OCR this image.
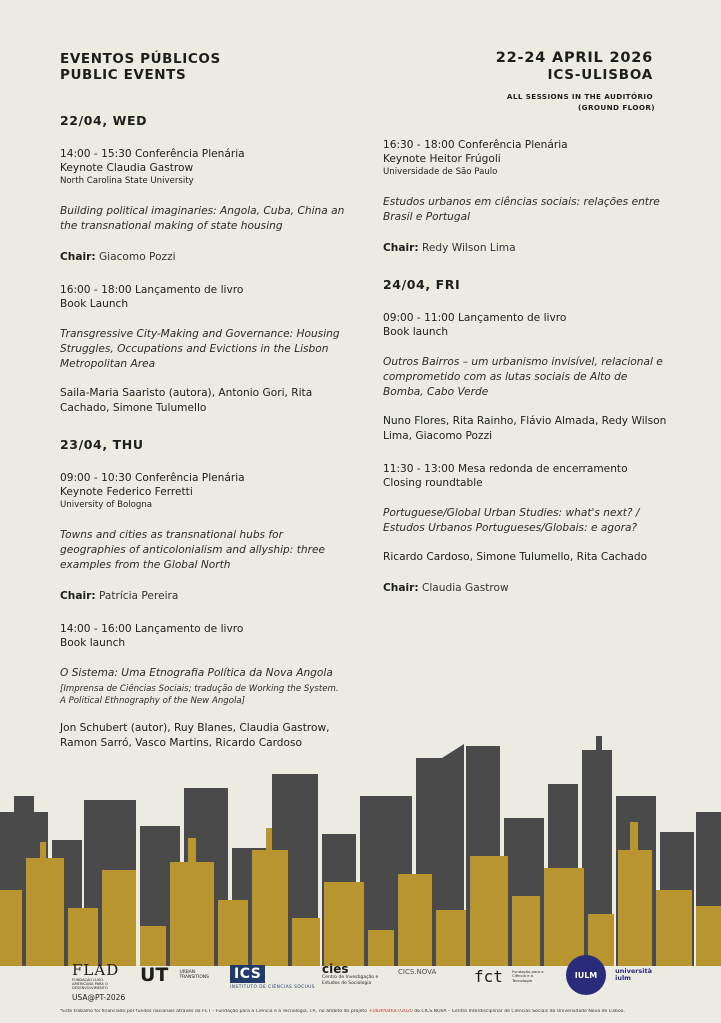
EVENTOS PÚBLICOS
PUBLIC EVENTS
22-24 APRIL 2026
ICS-ULISBOA
ALL SESSIONS IN THE AUDITÓRIO
(GROUND FLOOR)
22/04, WED
14:00 - 15:30 Conferência Plenária
Keynote Claudia Gastrow
North Carolina State University
Building political imaginaries: Angola, Cuba, China an the transnational making of state housing
Chair: Giacomo Pozzi
16:00 - 18:00 Lançamento de livro
Book Launch
Transgressive City-Making and Governance: Housing Struggles, Occupations and Evictions in the Lisbon Metropolitan Area
Saila-Maria Saaristo (autora), Antonio Gori, Rita Cachado, Simone Tulumello
23/04, THU
09:00 - 10:30 Conferência Plenária
Keynote Federico Ferretti
University of Bologna
Towns and cities as transnational hubs for geographies of anticolonialism and allyship: three examples from the Global North
Chair: Patrícia Pereira
14:00 - 16:00 Lançamento de livro
Book launch
O Sistema: Uma Etnografia Política da Nova Angola
[Imprensa de Ciências Sociais; tradução de Working the System. A Political Ethnography of the New Angola]
Jon Schubert (autor), Ruy Blanes, Claudia Gastrow, Ramon Sarró, Vasco Martins, Ricardo Cardoso
16:30 - 18:00 Conferência Plenária
Keynote Heitor Frúgoli
Universidade de São Paulo
Estudos urbanos em ciências sociais: relações entre Brasil e Portugal
Chair: Redy Wilson Lima
24/04, FRI
09:00 - 11:00 Lançamento de livro
Book launch
Outros Bairros – um urbanismo invisível, relacional e comprometido com as lutas sociais de Alto de Bomba, Cabo Verde
Nuno Flores, Rita Rainho, Flávio Almada, Redy Wilson Lima, Giacomo Pozzi
11:30 - 13:00 Mesa redonda de encerramento
Closing roundtable
Portuguese/Global Urban Studies: what's next? / Estudos Urbanos Portugueses/Globais: e agora?
Ricardo Cardoso, Simone Tulumello, Rita Cachado
Chair: Claudia Gastrow
FLAD
FUNDAÇÃO LUSO-AMERICANA PARA O DESENVOLVIMENTO
USA@PT-2026
UT	URBAN TRANSITIONS ICS
INSTITUTO DE CIÊNCIAS SOCIAIS
cies
Centro de Investigação e Estudos de Sociologia
CICS.NOVA fct Fundação para a Ciência e a Tecnologia
IULM	università iulm
*Este trabalho foi financiado por fundos nacionais através da FCT – Fundação para a Ciência e a Tecnologia, I.P., no âmbito do projeto +UIDP/04647/2020 do CICS.NOVA – Centro Interdisciplinar de Ciências Sociais da Universidade Nova de Lisboa.
